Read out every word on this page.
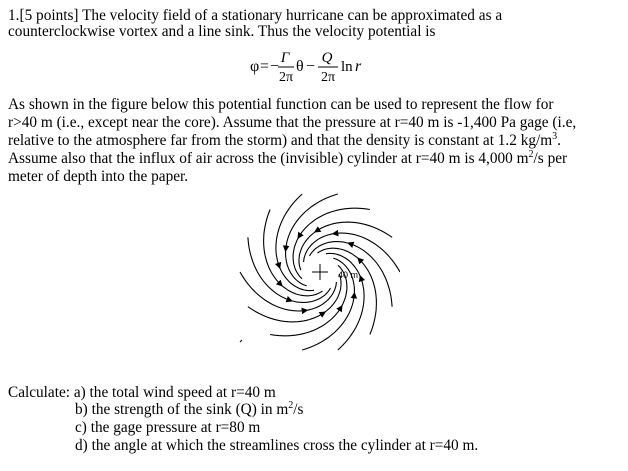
1.[5 points] The velocity field of a stationary hurricane can be approximated as a
counterclockwise vortex and a line sink. Thus the velocity potential is
φ = − Γ
2π
θ − Q
2π
ln r
As shown in the figure below this potential function can be used to represent the flow for
r>40 m (i.e., except near the core). Assume that the pressure at r=40 m is -1,400 Pa gage (i.e,
relative to the atmosphere far from the storm) and that the density is constant at 1.2 $kg/m^3$.
Assume also that the influx of air across the (invisible) cylinder at r=40 m is 4,000 $m^2/s$ per
meter of depth into the paper.
40 m
Calculate: a) the total wind speed at r=40 m
b) the strength of the sink (Q) in $m^2/s$
c) the gage pressure at r=80 m
d) the angle at which the streamlines cross the cylinder at r=40 m.
